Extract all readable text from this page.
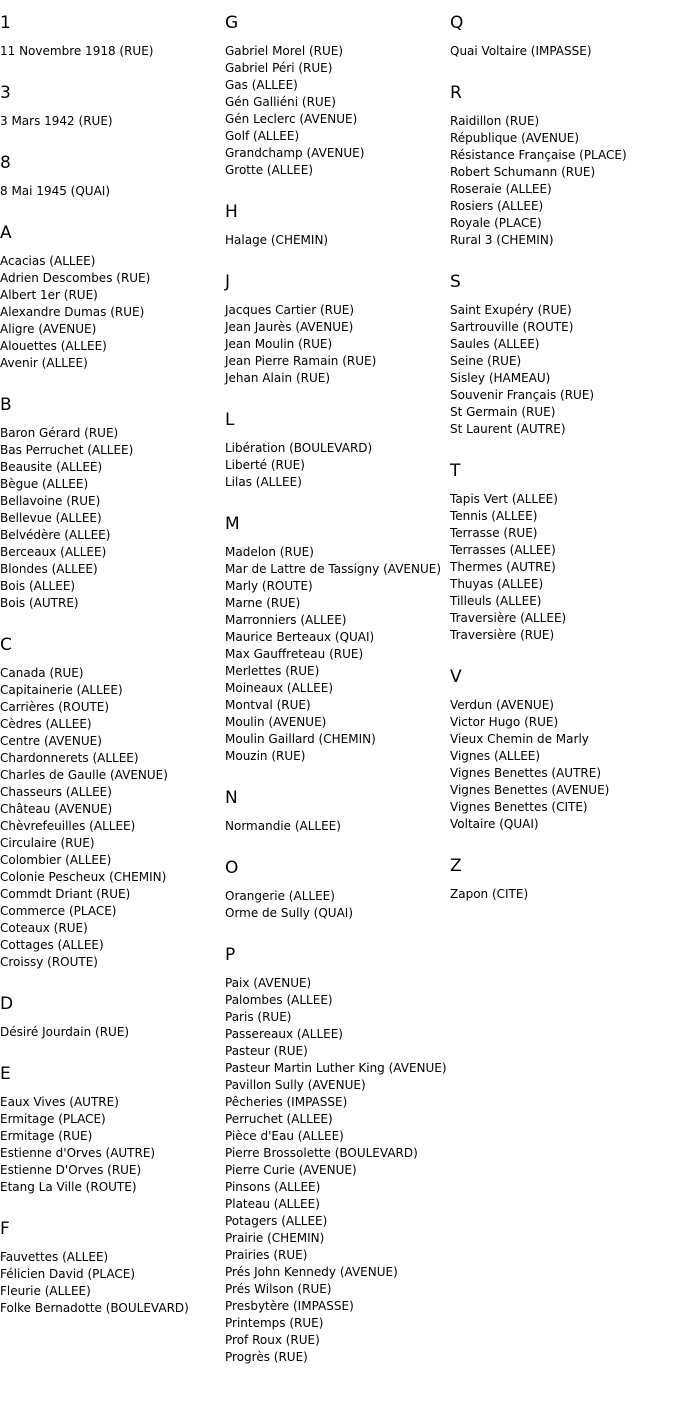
1
11 Novembre 1918 (RUE)
3
3 Mars 1942 (RUE)
8
8 Mai 1945 (QUAI)
A
Acacias (ALLEE)
Adrien Descombes (RUE)
Albert 1er (RUE)
Alexandre Dumas (RUE)
Aligre (AVENUE)
Alouettes (ALLEE)
Avenir (ALLEE)
B
Baron Gérard (RUE)
Bas Perruchet (ALLEE)
Beausite (ALLEE)
Bègue (ALLEE)
Bellavoine (RUE)
Bellevue (ALLEE)
Belvédère (ALLEE)
Berceaux (ALLEE)
Blondes (ALLEE)
Bois (ALLEE)
Bois (AUTRE)
C
Canada (RUE)
Capitainerie (ALLEE)
Carrières (ROUTE)
Cèdres (ALLEE)
Centre (AVENUE)
Chardonnerets (ALLEE)
Charles de Gaulle (AVENUE)
Chasseurs (ALLEE)
Château (AVENUE)
Chèvrefeuilles (ALLEE)
Circulaire (RUE)
Colombier (ALLEE)
Colonie Pescheux (CHEMIN)
Commdt Driant (RUE)
Commerce (PLACE)
Coteaux (RUE)
Cottages (ALLEE)
Croissy (ROUTE)
D
Désiré Jourdain (RUE)
E
Eaux Vives (AUTRE)
Ermitage (PLACE)
Ermitage (RUE)
Estienne d'Orves (AUTRE)
Estienne D'Orves (RUE)
Etang La Ville (ROUTE)
F
Fauvettes (ALLEE)
Félicien David (PLACE)
Fleurie (ALLEE)
Folke Bernadotte (BOULEVARD)
G
Gabriel Morel (RUE)
Gabriel Péri (RUE)
Gas (ALLEE)
Gén Galliéni (RUE)
Gén Leclerc (AVENUE)
Golf (ALLEE)
Grandchamp (AVENUE)
Grotte (ALLEE)
H
Halage (CHEMIN)
J
Jacques Cartier (RUE)
Jean Jaurès (AVENUE)
Jean Moulin (RUE)
Jean Pierre Ramain (RUE)
Jehan Alain (RUE)
L
Libération (BOULEVARD)
Liberté (RUE)
Lilas (ALLEE)
M
Madelon (RUE)
Mar de Lattre de Tassigny (AVENUE)
Marly (ROUTE)
Marne (RUE)
Marronniers (ALLEE)
Maurice Berteaux (QUAI)
Max Gauffreteau (RUE)
Merlettes (RUE)
Moineaux (ALLEE)
Montval (RUE)
Moulin (AVENUE)
Moulin Gaillard (CHEMIN)
Mouzin (RUE)
N
Normandie (ALLEE)
O
Orangerie (ALLEE)
Orme de Sully (QUAI)
P
Paix (AVENUE)
Palombes (ALLEE)
Paris (RUE)
Passereaux (ALLEE)
Pasteur (RUE)
Pasteur Martin Luther King (AVENUE)
Pavillon Sully (AVENUE)
Pêcheries (IMPASSE)
Perruchet (ALLEE)
Pièce d'Eau (ALLEE)
Pierre Brossolette (BOULEVARD)
Pierre Curie (AVENUE)
Pinsons (ALLEE)
Plateau (ALLEE)
Potagers (ALLEE)
Prairie (CHEMIN)
Prairies (RUE)
Prés John Kennedy (AVENUE)
Prés Wilson (RUE)
Presbytère (IMPASSE)
Printemps (RUE)
Prof Roux (RUE)
Progrès (RUE)
Q
Quai Voltaire (IMPASSE)
R
Raidillon (RUE)
République (AVENUE)
Résistance Française (PLACE)
Robert Schumann (RUE)
Roseraie (ALLEE)
Rosiers (ALLEE)
Royale (PLACE)
Rural 3 (CHEMIN)
S
Saint Exupéry (RUE)
Sartrouville (ROUTE)
Saules (ALLEE)
Seine (RUE)
Sisley (HAMEAU)
Souvenir Français (RUE)
St Germain (RUE)
St Laurent (AUTRE)
T
Tapis Vert (ALLEE)
Tennis (ALLEE)
Terrasse (RUE)
Terrasses (ALLEE)
Thermes (AUTRE)
Thuyas (ALLEE)
Tilleuls (ALLEE)
Traversière (ALLEE)
Traversière (RUE)
V
Verdun (AVENUE)
Victor Hugo (RUE)
Vieux Chemin de Marly
Vignes (ALLEE)
Vignes Benettes (AUTRE)
Vignes Benettes (AVENUE)
Vignes Benettes (CITE)
Voltaire (QUAI)
Z
Zapon (CITE)
